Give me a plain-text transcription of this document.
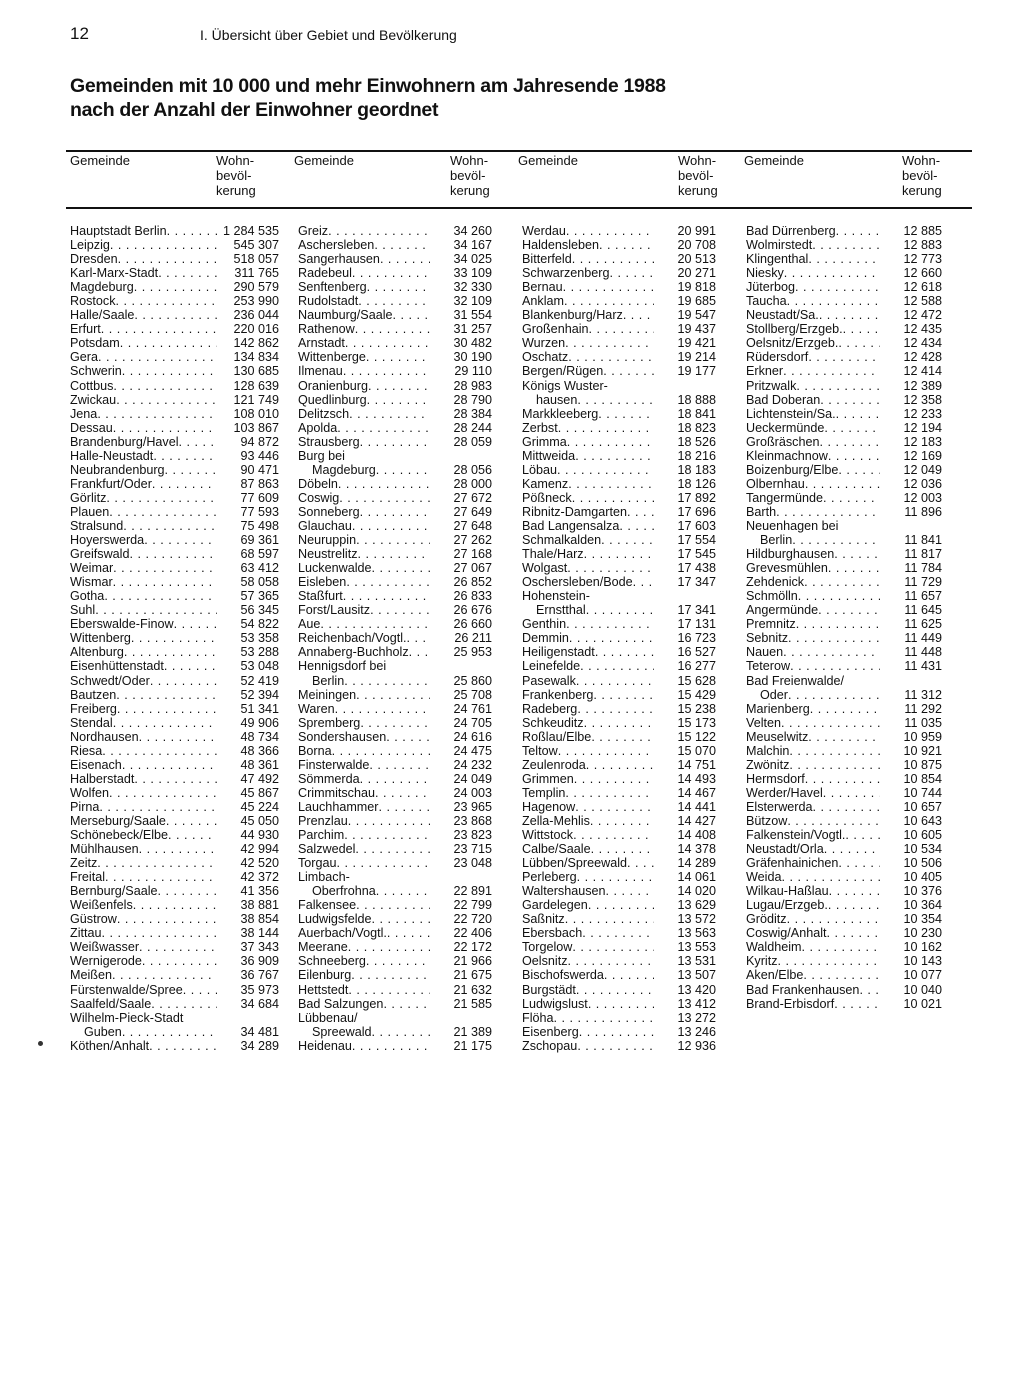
12	I. Übersicht über Gebiet und Bevölkerung
Gemeinden mit 10 000 und mehr Einwohnern am Jahresende 1988
nach der Anzahl der Einwohner geordnet
Gemeinde	Wohn-
bevöl-
kerung
Hauptstadt Berlin . . .	1 284 535
Leipzig . . .	545 307
Dresden . . .	518 057
Karl-Marx-Stadt . . .	311 765
Magdeburg . . .	290 579
Rostock . . .	253 990
Halle/Saale . . .	236 044
Erfurt . . .	220 016
Potsdam . . .	142 862
Gera . . .	134 834
Schwerin . . .	130 685
Cottbus . . .	128 639
Zwickau . . .	121 749
Jena . . .	108 010
Dessau . . .	103 867
Brandenburg/Havel . . .	94 872
Halle-Neustadt . . .	93 446
Neubrandenburg . . .	90 471
Frankfurt/Oder . . .	87 863
Görlitz . . .	77 609
Plauen . . .	77 593
Stralsund . . .	75 498
Hoyerswerda . . .	69 361
Greifswald . . .	68 597
Weimar . . .	63 412
Wismar . . .	58 058
Gotha . . .	57 365
Suhl . . .	56 345
Eberswalde-Finow . . .	54 822
Wittenberg . . .	53 358
Altenburg . . .	53 288
Eisenhüttenstadt . . .	53 048
Schwedt/Oder . . .	52 419
Bautzen . . .	52 394
Freiberg . . .	51 341
Stendal . . .	49 906
Nordhausen . . .	48 734
Riesa . . .	48 366
Eisenach . . .	48 361
Halberstadt . . .	47 492
Wolfen . . .	45 867
Pirna . . .	45 224
Merseburg/Saale . . .	45 050
Schönebeck/Elbe . . .	44 930
Mühlhausen . . .	42 994
Zeitz . . .	42 520
Freital . . .	42 372
Bernburg/Saale . . .	41 356
Weißenfels . . .	38 881
Güstrow . . .	38 854
Zittau . . .	38 144
Weißwasser . . .	37 343
Wernigerode . . .	36 909
Meißen . . .	36 767
Fürstenwalde/Spree . . .	35 973
Saalfeld/Saale . . .	34 684
Wilhelm-Pieck-Stadt
Guben . . .	34 481
Köthen/Anhalt . . .	34 289
Gemeinde	Wohn-
bevöl-
kerung
Greiz . . .	34 260
Aschersleben . . .	34 167
Sangerhausen . . .	34 025
Radebeul . . .	33 109
Senftenberg . . .	32 330
Rudolstadt . . .	32 109
Naumburg/Saale . . .	31 554
Rathenow . . .	31 257
Arnstadt . . .	30 482
Wittenberge . . .	30 190
Ilmenau . . .	29 110
Oranienburg . . .	28 983
Quedlinburg . . .	28 790
Delitzsch . . .	28 384
Apolda . . .	28 244
Strausberg . . .	28 059
Burg bei
Magdeburg . . .	28 056
Döbeln . . .	28 000
Coswig . . .	27 672
Sonneberg . . .	27 649
Glauchau . . .	27 648
Neuruppin . . .	27 262
Neustrelitz . . .	27 168
Luckenwalde . . .	27 067
Eisleben . . .	26 852
Staßfurt . . .	26 833
Forst/Lausitz . . .	26 676
Aue . . .	26 660
Reichenbach/Vogtl. . . .	26 211
Annaberg-Buchholz . . .	25 953
Hennigsdorf bei
Berlin . . .	25 860
Meiningen . . .	25 708
Waren . . .	24 761
Spremberg . . .	24 705
Sondershausen . . .	24 616
Borna . . .	24 475
Finsterwalde . . .	24 232
Sömmerda . . .	24 049
Crimmitschau . . .	24 003
Lauchhammer . . .	23 965
Prenzlau . . .	23 868
Parchim . . .	23 823
Salzwedel . . .	23 715
Torgau . . .	23 048
Limbach-
Oberfrohna . . .	22 891
Falkensee . . .	22 799
Ludwigsfelde . . .	22 720
Auerbach/Vogtl. . . .	22 406
Meerane . . .	22 172
Schneeberg . . .	21 966
Eilenburg . . .	21 675
Hettstedt . . .	21 632
Bad Salzungen . . .	21 585
Lübbenau/
Spreewald . . .	21 389
Heidenau . . .	21 175
Gemeinde	Wohn-
bevöl-
kerung
Werdau . . .	20 991
Haldensleben . . .	20 708
Bitterfeld . . .	20 513
Schwarzenberg . . .	20 271
Bernau . . .	19 818
Anklam . . .	19 685
Blankenburg/Harz . . .	19 547
Großenhain . . .	19 437
Wurzen . . .	19 421
Oschatz . . .	19 214
Bergen/Rügen . . .	19 177
Königs Wuster-
hausen . . .	18 888
Markkleeberg . . .	18 841
Zerbst . . .	18 823
Grimma . . .	18 526
Mittweida . . .	18 216
Löbau . . .	18 183
Kamenz . . .	18 126
Pößneck . . .	17 892
Ribnitz-Damgarten . . .	17 696
Bad Langensalza . . .	17 603
Schmalkalden . . .	17 554
Thale/Harz . . .	17 545
Wolgast . . .	17 438
Oschersleben/Bode . . .	17 347
Hohenstein-
Ernstthal . . .	17 341
Genthin . . .	17 131
Demmin . . .	16 723
Heiligenstadt . . .	16 527
Leinefelde . . .	16 277
Pasewalk . . .	15 628
Frankenberg . . .	15 429
Radeberg . . .	15 238
Schkeuditz . . .	15 173
Roßlau/Elbe . . .	15 122
Teltow . . .	15 070
Zeulenroda . . .	14 751
Grimmen . . .	14 493
Templin . . .	14 467
Hagenow . . .	14 441
Zella-Mehlis . . .	14 427
Wittstock . . .	14 408
Calbe/Saale . . .	14 378
Lübben/Spreewald . . .	14 289
Perleberg . . .	14 061
Waltershausen . . .	14 020
Gardelegen . . .	13 629
Saßnitz . . .	13 572
Ebersbach . . .	13 563
Torgelow . . .	13 553
Oelsnitz . . .	13 531
Bischofswerda . . .	13 507
Burgstädt . . .	13 420
Ludwigslust . . .	13 412
Flöha . . .	13 272
Eisenberg . . .	13 246
Zschopau . . .	12 936
Gemeinde	Wohn-
bevöl-
kerung
Bad Dürrenberg . . .	12 885
Wolmirstedt . . .	12 883
Klingenthal . . .	12 773
Niesky . . .	12 660
Jüterbog . . .	12 618
Taucha . . .	12 588
Neustadt/Sa. . . .	12 472
Stollberg/Erzgeb. . . .	12 435
Oelsnitz/Erzgeb. . . .	12 434
Rüdersdorf . . .	12 428
Erkner . . .	12 414
Pritzwalk . . .	12 389
Bad Doberan . . .	12 358
Lichtenstein/Sa. . . .	12 233
Ueckermünde . . .	12 194
Großräschen . . .	12 183
Kleinmachnow . . .	12 169
Boizenburg/Elbe . . .	12 049
Olbernhau . . .	12 036
Tangermünde . . .	12 003
Barth . . .	11 896
Neuenhagen bei
Berlin . . .	11 841
Hildburghausen . . .	11 817
Grevesmühlen . . .	11 784
Zehdenick . . .	11 729
Schmölln . . .	11 657
Angermünde . . .	11 645
Premnitz . . .	11 625
Sebnitz . . .	11 449
Nauen . . .	11 448
Teterow . . .	11 431
Bad Freienwalde/
Oder . . .	11 312
Marienberg . . .	11 292
Velten . . .	11 035
Meuselwitz . . .	10 959
Malchin . . .	10 921
Zwönitz . . .	10 875
Hermsdorf . . .	10 854
Werder/Havel . . .	10 744
Elsterwerda . . .	10 657
Bützow . . .	10 643
Falkenstein/Vogtl. . . .	10 605
Neustadt/Orla . . .	10 534
Gräfenhainichen . . .	10 506
Weida . . .	10 405
Wilkau-Haßlau . . .	10 376
Lugau/Erzgeb. . . .	10 364
Gröditz . . .	10 354
Coswig/Anhalt . . .	10 230
Waldheim . . .	10 162
Kyritz . . .	10 143
Aken/Elbe . . .	10 077
Bad Frankenhausen . . .	10 040
Brand-Erbisdorf . . .	10 021
